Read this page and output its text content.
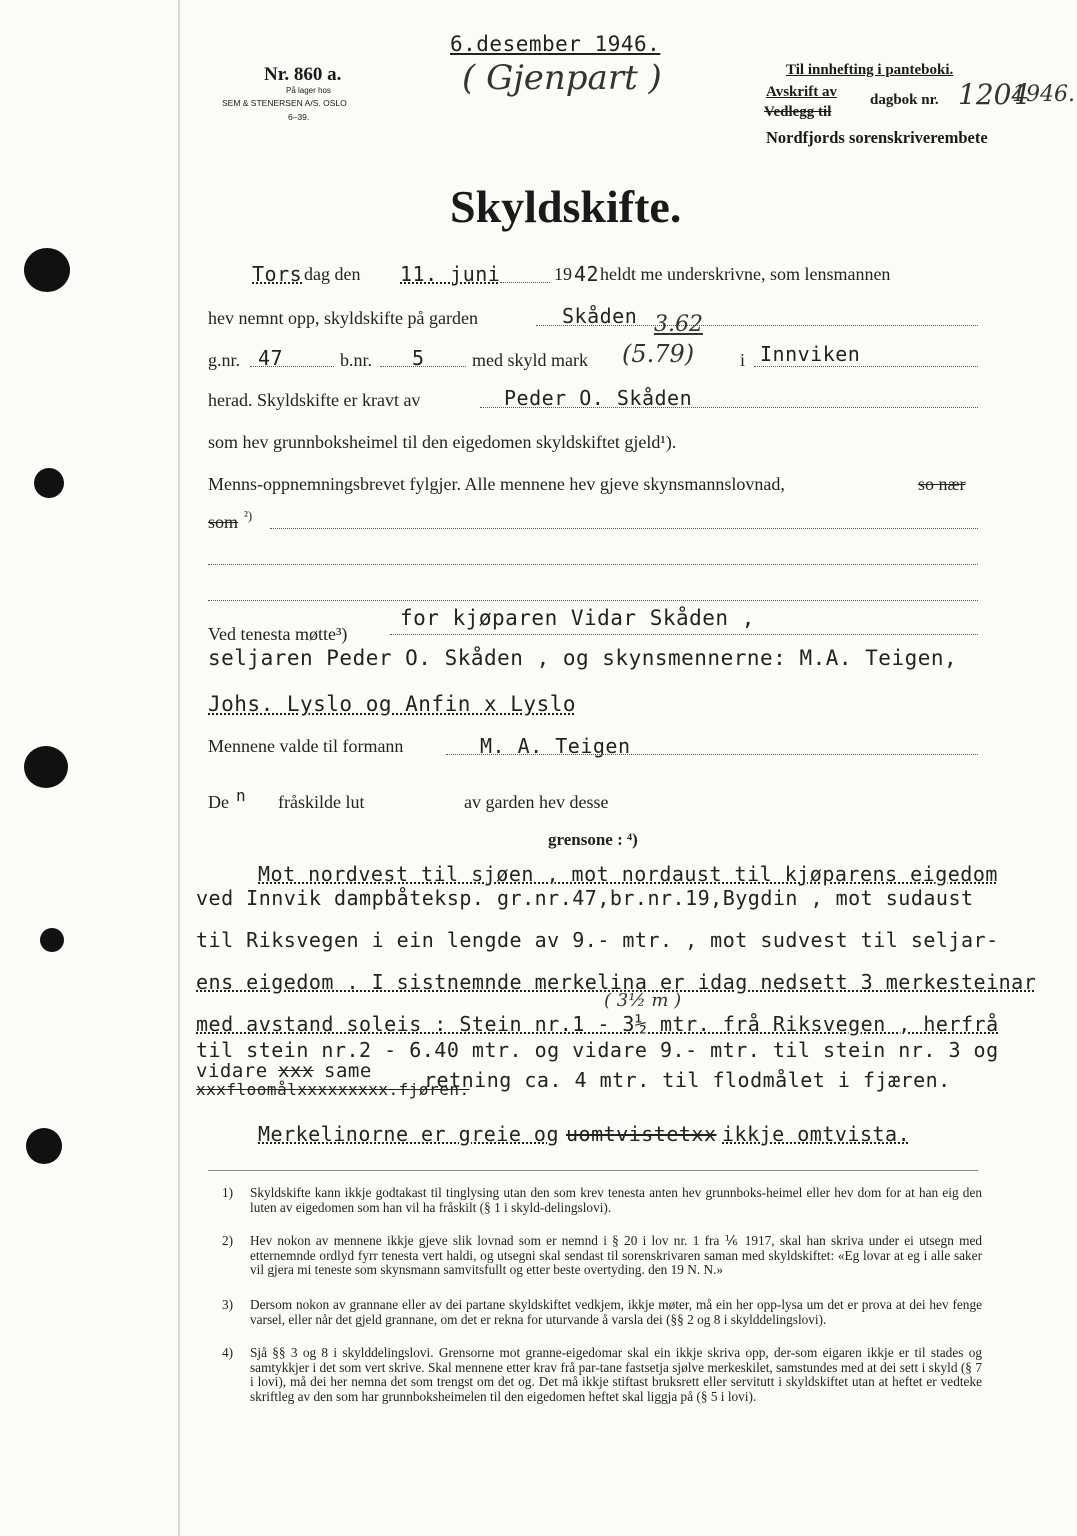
6.desember 1946.
( Gjenpart )
Nr. 860 a.
På lager hos
SEM & STENERSEN A/S. OSLO
6–39.
Til innhefting i panteboki.
Avskrift av
Vedlegg til
dagbok nr. 1204
1946.
Nordfjords sorenskriverembete
Skyldskifte.
Tors dag den 11. juni	19 42 heldt me underskrivne, som lensmannen
hev nemnt opp, skyldskifte på garden	Skåden
g.nr. 47	b.nr. 5	med skyld mark (5.79)
3.62
i Innviken
herad. Skyldskifte er kravt av	Peder O. Skåden
som hev grunnboksheimel til den eigedomen skyldskiftet gjeld¹).
Menns-oppnemningsbrevet fylgjer. Alle mennene hev gjeve skynsmannslovnad,	so nær
som ²)
Ved tenesta møtte³)
for kjøparen Vidar Skåden ,
seljaren Peder O. Skåden , og skynsmennerne: M.A. Teigen,
Johs. Lyslo og Anfin x Lyslo
Mennene valde til formann	M. A. Teigen
De n fråskilde lut	av garden hev desse
grensone : ⁴)
Mot nordvest til sjøen , mot nordaust til kjøparens eigedom
ved Innvik dampbåteksp. gr.nr.47,br.nr.19,Bygdin , mot sudaust
til Riksvegen i ein lengde av 9.- mtr. , mot sudvest til seljar-
ens eigedom . I sistnemnde merkelina er idag nedsett 3 merkesteinar
( 3½ m )
med avstand soleis : Stein nr.1 - 3½ mtr. frå Riksvegen , herfrå
til stein nr.2 - 6.40 mtr. og vidare 9.- mtr. til stein nr. 3 og
vidare xxx same
xxxfloomålxxxxxxxxx.fjøren.
retning ca. 4 mtr. til flodmålet i fjæren.
Merkelinorne er greie og uomtvistetxx ikkje omtvista.
1) Skyldskifte kann ikkje godtakast til tinglysing utan den som krev tenesta anten hev grunnboks-heimel eller hev dom for at han eig den luten av eigedomen som han vil ha fråskilt (§ 1 i skyld-delingslovi).
2) Hev nokon av mennene ikkje gjeve slik lovnad som er nemnd i § 20 i lov nr. 1 fra ⅙ 1917, skal han skriva under ei utsegn med etternemnde ordlyd fyrr tenesta vert haldi, og utsegni skal sendast til sorenskrivaren saman med skyldskiftet: «Eg lovar at eg i alle saker vil gjera mi teneste som skynsmann samvitsfullt og etter beste overtyding. den 19 N. N.»
3) Dersom nokon av grannane eller av dei partane skyldskiftet vedkjem, ikkje møter, må ein her opp-lysa um det er prova at dei hev fenge varsel, eller når det gjeld grannane, om det er rekna for uturvande å varsla dei (§§ 2 og 8 i skylddelingslovi).
4) Sjå §§ 3 og 8 i skylddelingslovi. Grensorne mot granne-eigedomar skal ein ikkje skriva opp, der-som eigaren ikkje er til stades og samtykkjer i det som vert skrive. Skal mennene etter krav frå par-tane fastsetja sjølve merkeskilet, samstundes med at dei sett i skyld (§ 7 i lovi), må dei her nemna det som trengst om det og. Det må ikkje stiftast bruksrett eller servitutt i skyldskiftet utan at heftet er vedteke skriftleg av den som har grunnboksheimelen til den eigedomen heftet skal liggja på (§ 5 i lovi).
